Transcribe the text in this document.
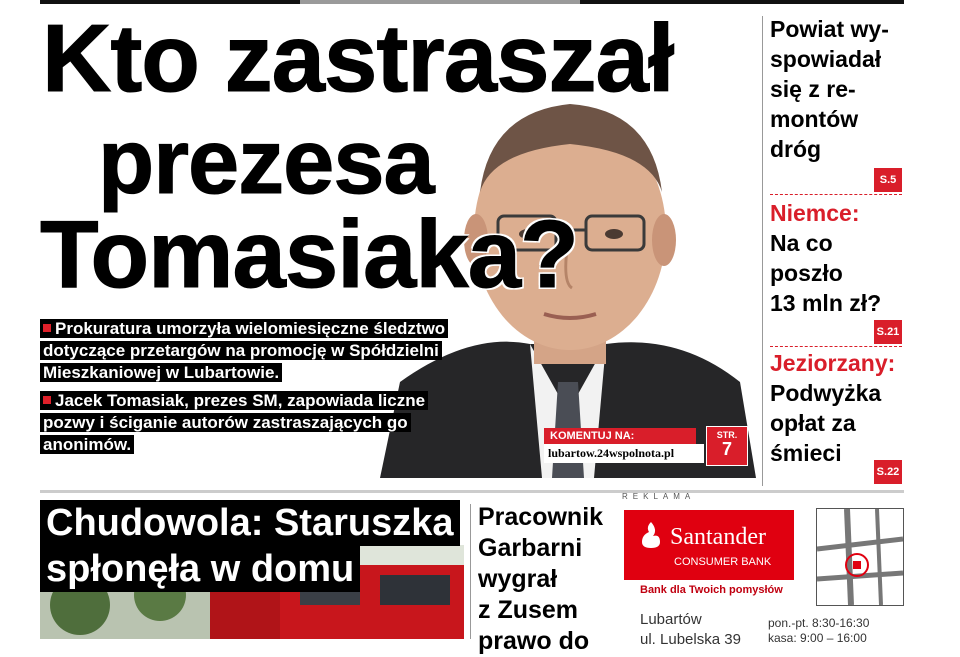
Kto zastraszał
prezesa
Tomasiaka?

Prokuratura umorzyła wielomiesięczne śledztwo dotyczące przetargów na promocję w Spółdzielni Mieszkaniowej w Lubartowie.

Jacek Tomasiak, prezes SM, zapowiada liczne pozwy i ściganie autorów zastraszających go anonimów.	KOMENTUJ NA:
lubartow.24wspolnota.pl
STR.
7
Powiat wy-
spowiadał
się z re-
montów
dróg
S.5
Niemce:
Na co
poszło
13 mln zł?
S.21
Jeziorzany:
Podwyżka
opłat za
śmieci
S.22
Chudowola: Staruszka
spłonęła w domu
Pracownik
Garbarni
wygrał
z Zusem
prawo do
REKLAMA
Santander
CONSUMER BANK
Bank dla Twoich pomysłów
Lubartów
ul. Lubelska 39
pon.-pt. 8:30-16:30
kasa: 9:00 – 16:00
